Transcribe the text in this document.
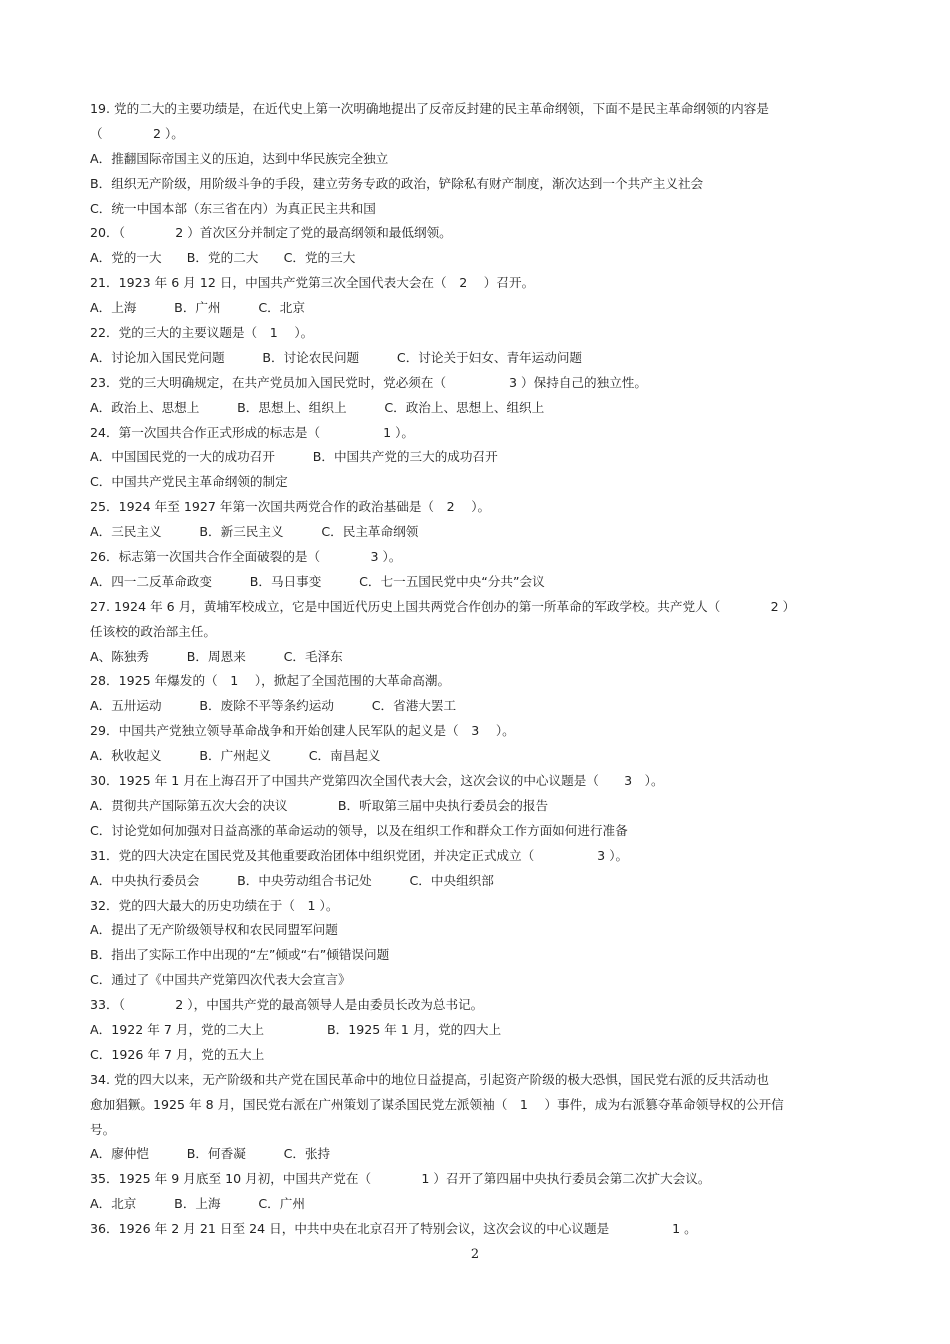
19. 党的二大的主要功绩是，在近代史上第一次明确地提出了反帝反封建的民主革命纲领，下面不是民主革命纲领的内容是
（　　　　2 ）。
A．推翻国际帝国主义的压迫，达到中华民族完全独立
B．组织无产阶级，用阶级斗争的手段，建立劳务专政的政治，铲除私有财产制度，渐次达到一个共产主义社会
C．统一中国本部（东三省在内）为真正民主共和国
20．（　　　　2 ）首次区分并制定了党的最高纲领和最低纲领。
A．党的一大　　B．党的二大　　C．党的三大
21．1923 年 6 月 12 日，中国共产党第三次全国代表大会在（　2　 ）召开。
A．上海　　　B．广州　　　C．北京
22．党的三大的主要议题是（　1　 ）。
A．讨论加入国民党问题　　　B．讨论农民问题　　　C．讨论关于妇女、青年运动问题
23．党的三大明确规定，在共产党员加入国民党时，党必须在（　　　　　3 ）保持自己的独立性。
A．政治上、思想上　　　B．思想上、组织上　　　C．政治上、思想上、组织上
24．第一次国共合作正式形成的标志是（　　　　　1 ）。
A．中国国民党的一大的成功召开　　　B．中国共产党的三大的成功召开
C．中国共产党民主革命纲领的制定
25．1924 年至 1927 年第一次国共两党合作的政治基础是（　2　 ）。
A．三民主义　　　B．新三民主义　　　C．民主革命纲领
26．标志第一次国共合作全面破裂的是（　　　　3 ）。
A．四一二反革命政变　　　B．马日事变　　　C．七一五国民党中央“分共”会议
27. 1924 年 6 月，黄埔军校成立，它是中国近代历史上国共两党合作创办的第一所革命的军政学校。共产党人（　　　　2 ）
任该校的政治部主任。
A、陈独秀　　　B．周恩来　　　C．毛泽东
28．1925 年爆发的（　1　 ），掀起了全国范围的大革命高潮。
A．五卅运动　　　B．废除不平等条约运动　　　C．省港大罢工
29．中国共产党独立领导革命战争和开始创建人民军队的起义是（　3　 ）。
A．秋收起义　　　B．广州起义　　　C．南昌起义
30．1925 年 1 月在上海召开了中国共产党第四次全国代表大会，这次会议的中心议题是（　　3　）。
A．贯彻共产国际第五次大会的决议　　　　B．听取第三届中央执行委员会的报告
C．讨论党如何加强对日益高涨的革命运动的领导，以及在组织工作和群众工作方面如何进行准备
31．党的四大决定在国民党及其他重要政治团体中组织党团，并决定正式成立（　　　　　3 ）。
A．中央执行委员会　　　B．中央劳动组合书记处　　　C．中央组织部
32．党的四大最大的历史功绩在于（　1 ）。
A．提出了无产阶级领导权和农民同盟军问题
B．指出了实际工作中出现的“左”倾或“右”倾错误问题
C．通过了《中国共产党第四次代表大会宣言》
33．（　　　　2 ），中国共产党的最高领导人是由委员长改为总书记。
A．1922 年 7 月，党的二大上　　　　　B．1925 年 1 月，党的四大上
C．1926 年 7 月，党的五大上
34. 党的四大以来，无产阶级和共产党在国民革命中的地位日益提高，引起资产阶级的极大恐惧，国民党右派的反共活动也
愈加猖獗。1925 年 8 月，国民党右派在广州策划了谋杀国民党左派领袖（　1　 ）事件，成为右派篡夺革命领导权的公开信
号。
A．廖仲恺　　　B．何香凝　　　C．张持
35．1925 年 9 月底至 10 月初，中国共产党在（　　　　1 ）召开了第四届中央执行委员会第二次扩大会议。
A．北京　　　B．上海　　　C．广州
36．1926 年 2 月 21 日至 24 日，中共中央在北京召开了特别会议，这次会议的中心议题是　　　　　1 。
2
